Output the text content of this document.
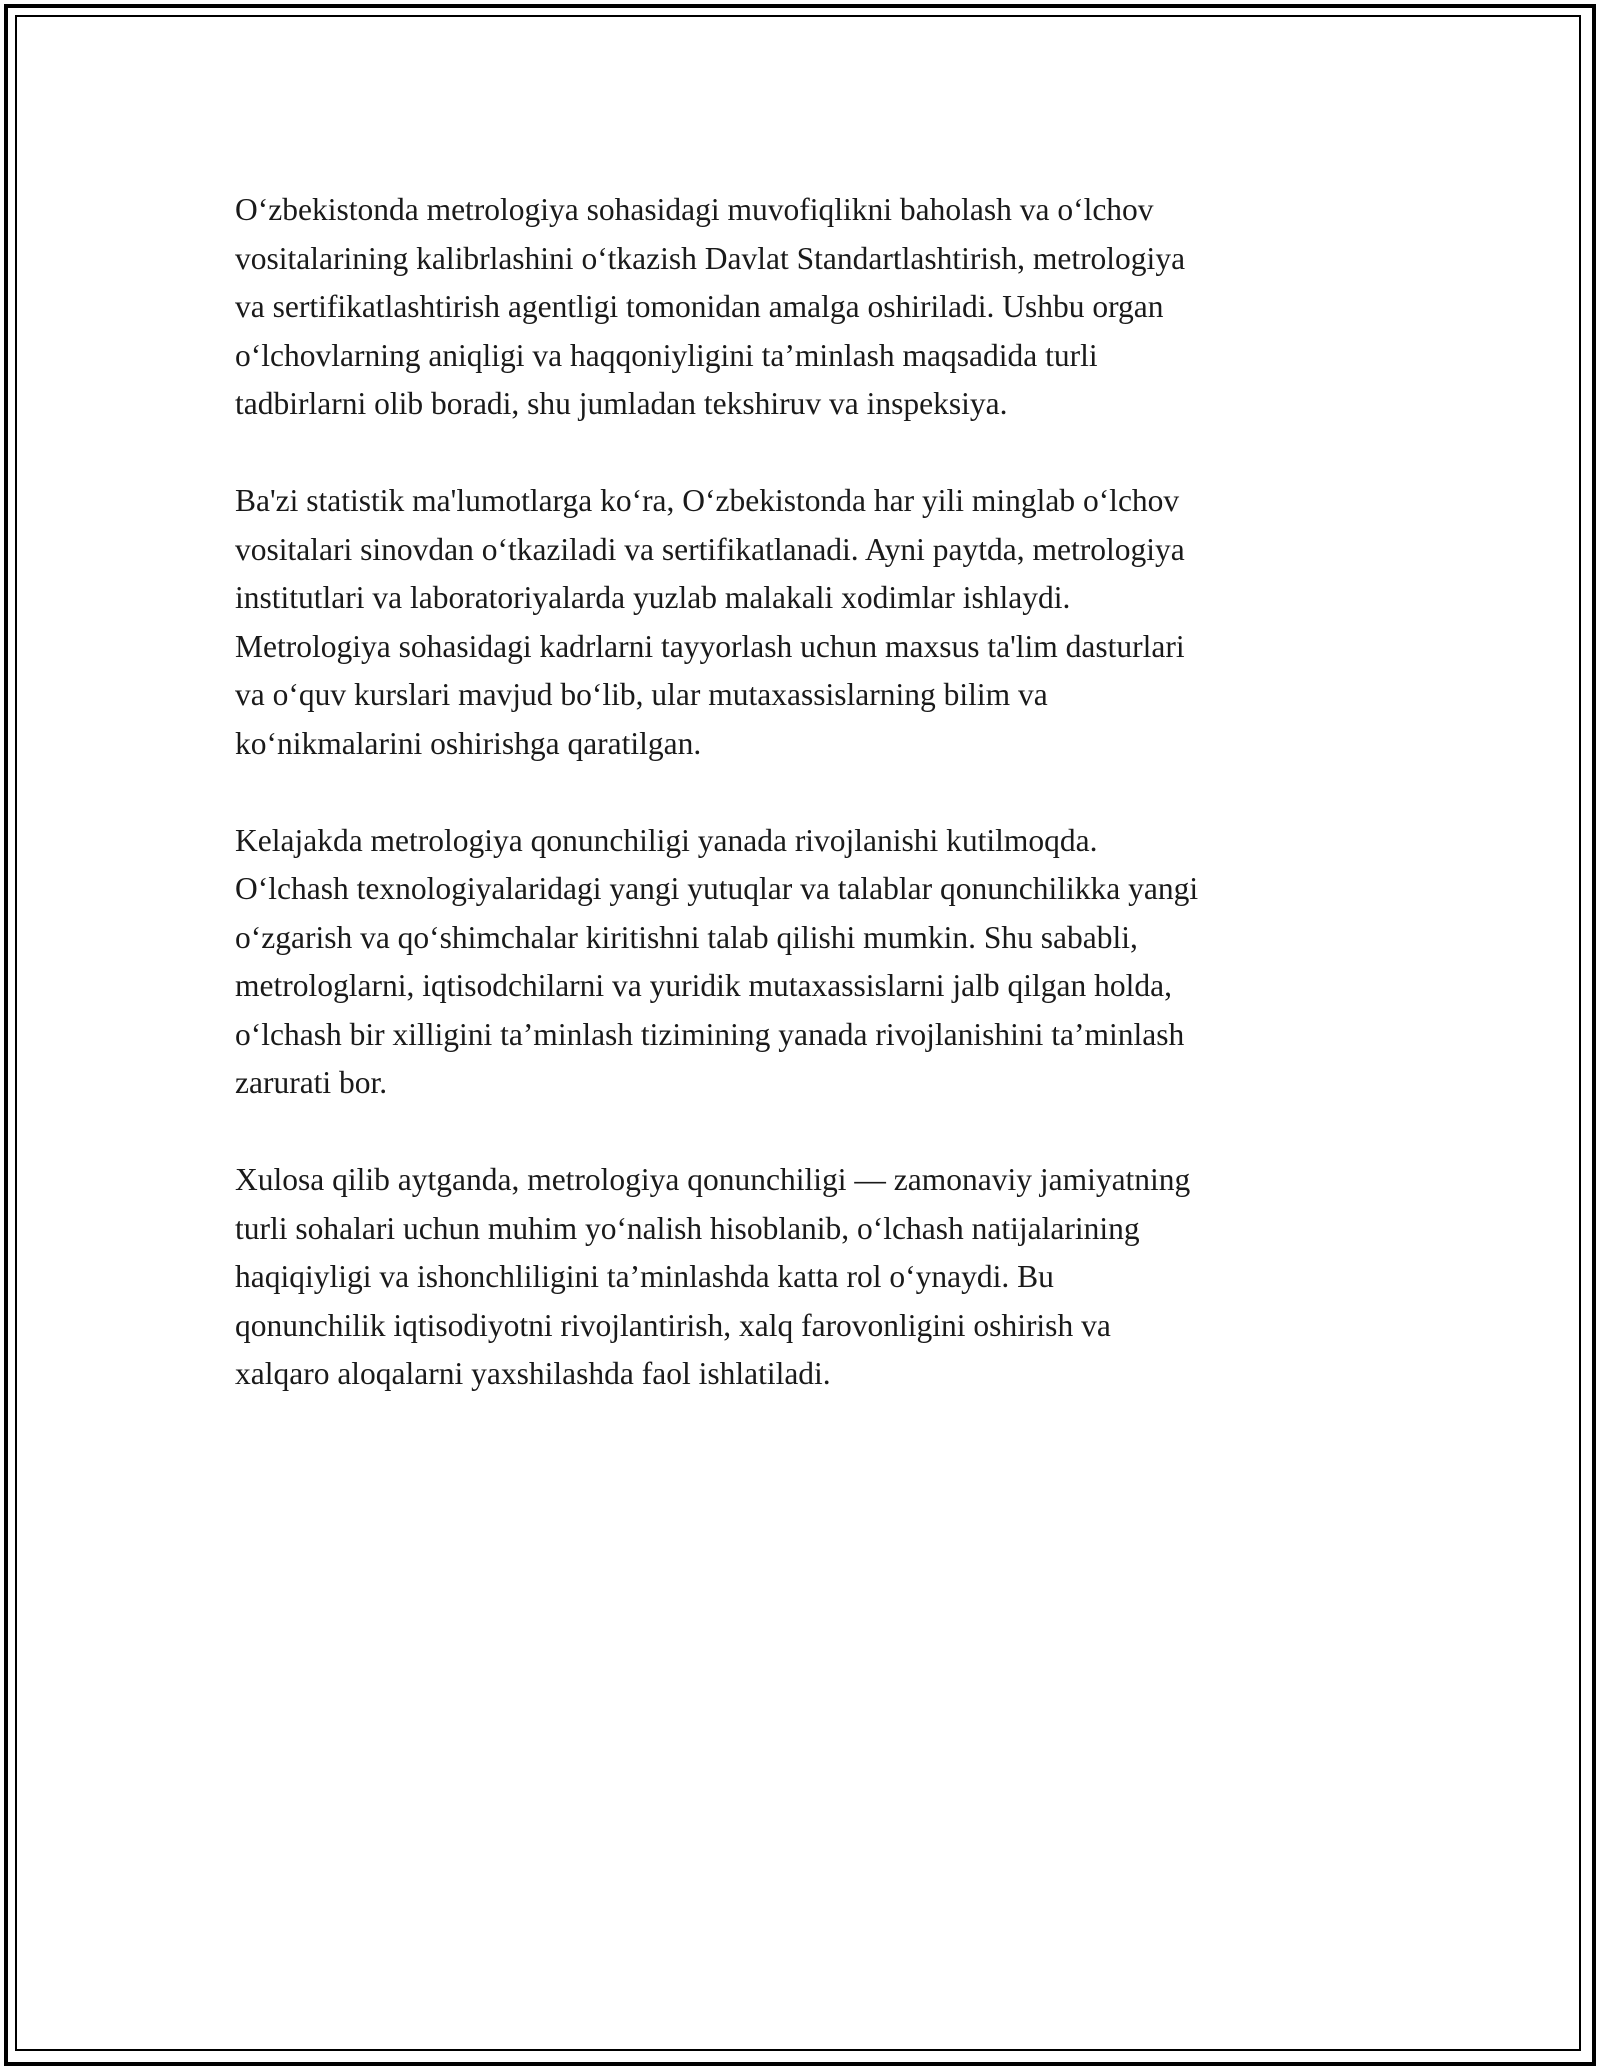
O‘zbekistonda metrologiya sohasidagi muvofiqlikni baholash va o‘lchov
vositalarining kalibrlashini o‘tkazish Davlat Standartlashtirish, metrologiya
va sertifikatlashtirish agentligi tomonidan amalga oshiriladi. Ushbu organ
o‘lchovlarning aniqligi va haqqoniyligini ta’minlash maqsadida turli
tadbirlarni olib boradi, shu jumladan tekshiruv va inspeksiya.

Ba'zi statistik ma'lumotlarga ko‘ra, O‘zbekistonda har yili minglab o‘lchov
vositalari sinovdan o‘tkaziladi va sertifikatlanadi. Ayni paytda, metrologiya
institutlari va laboratoriyalarda yuzlab malakali xodimlar ishlaydi.
Metrologiya sohasidagi kadrlarni tayyorlash uchun maxsus ta'lim dasturlari
va o‘quv kurslari mavjud bo‘lib, ular mutaxassislarning bilim va
ko‘nikmalarini oshirishga qaratilgan.

Kelajakda metrologiya qonunchiligi yanada rivojlanishi kutilmoqda.
O‘lchash texnologiyalaridagi yangi yutuqlar va talablar qonunchilikka yangi
o‘zgarish va qo‘shimchalar kiritishni talab qilishi mumkin. Shu sababli,
metrologlarni, iqtisodchilarni va yuridik mutaxassislarni jalb qilgan holda,
o‘lchash bir xilligini ta’minlash tizimining yanada rivojlanishini ta’minlash
zarurati bor.

Xulosa qilib aytganda, metrologiya qonunchiligi — zamonaviy jamiyatning
turli sohalari uchun muhim yo‘nalish hisoblanib, o‘lchash natijalarining
haqiqiyligi va ishonchliligini ta’minlashda katta rol o‘ynaydi. Bu
qonunchilik iqtisodiyotni rivojlantirish, xalq farovonligini oshirish va
xalqaro aloqalarni yaxshilashda faol ishlatiladi.
